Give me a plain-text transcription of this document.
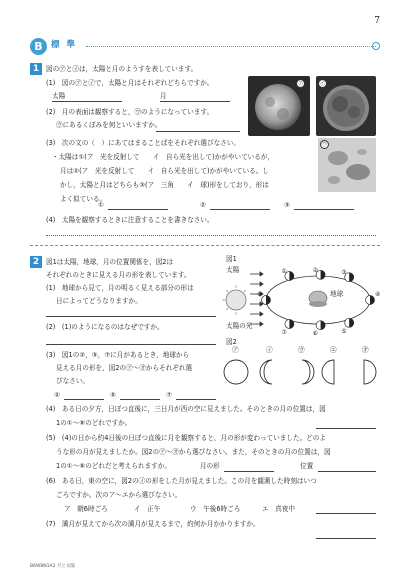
7
B 標 準
1	図の㋐と㋑は，太陽と月のようすを表しています。
(1)　図の㋐と㋑で，太陽と月はそれぞれどちらですか。
太陽	月
(2)　月の表面は観察すると，㋒のようになっています。
㋒にあるくぼみを何といいますか。
(3)　次の文の（　）にあてはまることばをそれぞれ選びなさい。
・太陽は①(ア　光を反射して　　イ　自ら光を出して)かがやいているが，
月は②(ア　光を反射して　　イ　自ら光を出して)かがやいている。し
かし，太陽と月はどちらも③(ア　三角　　イ　球)形をしており，形は
よく似ている。
①	②	③
(4)　太陽を観察するときに注意することを書きなさい。
㋐	㋑
㋒
2	図1は太陽，地球，月の位置関係を，図2は
それぞれのときに見える月の形を表しています。
(1)　地球から見て，月の明るく見える部分の形は
日によってどうなりますか。
(2)　(1)のようになるのはなぜですか。
(3)　図1の②，⑤，⑦に月があるとき，地球から
見える月の形を，図2の㋐〜㋔からそれぞれ選
びなさい。
②	⑤	⑦
図1
太陽
地球
太陽の光
①	②	③
④
⑤
⑥
⑦
⑧
図2
㋐	㋑	㋒	㋓	㋔
(4)　ある日の夕方，日ぼつ直後に，三日月が西の空に見えました。そのときの月の位置は，図
1の①〜⑧のどれですか。
(5)　(4)の日から約4日後の日ぼつ直後に月を観察すると，月の形が変わっていました。どのよ
うな形の月が見えましたか。図2の㋐〜㋔から選びなさい。また，そのときの月の位置は，図
1の①〜⑧のどれだと考えられますか。	月の形	位置
(6)　ある日，東の空に，図2の㋑の形をした月が見えました。この月を観測した時刻はいつ
ごろですか。次のア〜エから選びなさい。
ア　朝6時ごろ	イ　正午	ウ　午後6時ごろ	エ　真夜中
(7)　満月が見えてから次の満月が見えるまで，約何か月かかりますか。
B6W8N1A2 月と太陽
